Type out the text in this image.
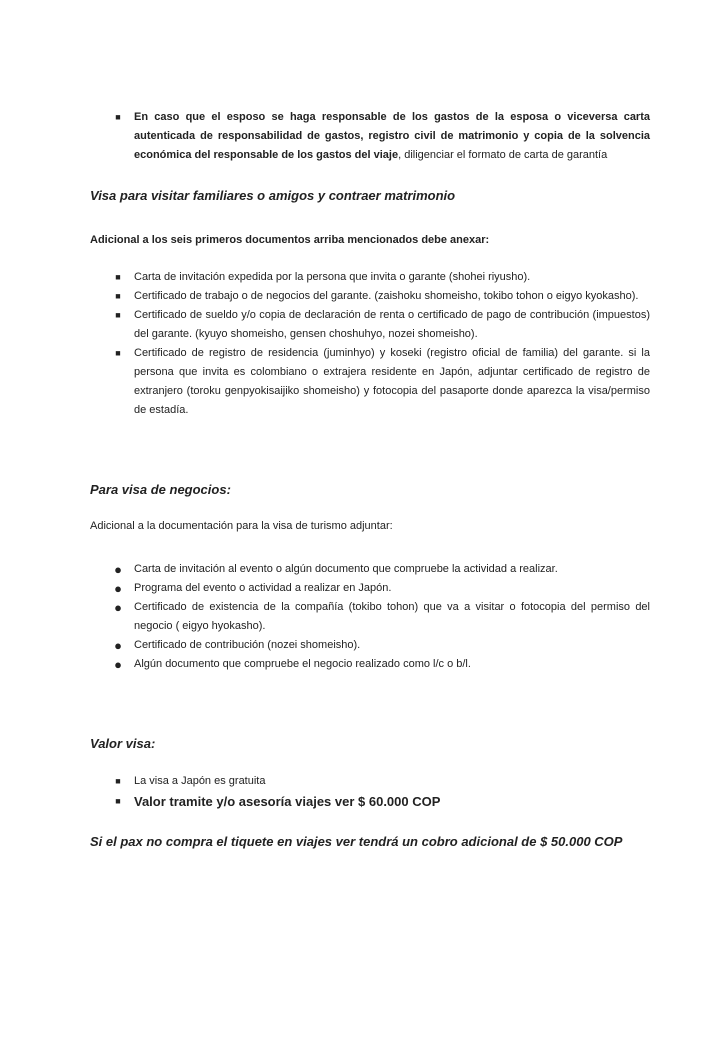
■ En caso que el esposo se haga responsable de los gastos de la esposa o viceversa carta autenticada de responsabilidad de gastos, registro civil de matrimonio y copia de la solvencia económica del responsable de los gastos del viaje, diligenciar el formato de carta de garantía
Visa para visitar familiares o amigos y contraer matrimonio

Adicional a los seis primeros documentos arriba mencionados debe anexar:

■ Carta de invitación expedida por la persona que invita o garante (shohei riyusho).
■ Certificado de trabajo o de negocios del garante. (zaishoku shomeisho, tokibo tohon o eigyo kyokasho).
■ Certificado de sueldo y/o copia de declaración de renta o certificado de pago de contribución (impuestos) del garante. (kyuyo shomeisho, gensen choshuhyo, nozei shomeisho).
■ Certificado de registro de residencia (juminhyo) y koseki (registro oficial de familia) del garante. si la persona que invita es colombiano o extrajera residente en Japón, adjuntar certificado de registro de extranjero (toroku genpyokisaijiko shomeisho) y fotocopia del pasaporte donde aparezca la visa/permiso de estadía.
Para visa de negocios:

Adicional a la documentación para la visa de turismo adjuntar:

● Carta de invitación al evento o algún documento que compruebe la actividad a realizar.
● Programa del evento o actividad a realizar en Japón.
● Certificado de existencia de la compañía (tokibo tohon) que va a visitar o fotocopia del permiso del negocio ( eigyo hyokasho).
● Certificado de contribución (nozei shomeisho).
● Algún documento que compruebe el negocio realizado como l/c o b/l.
Valor visa:
■ La visa a Japón es gratuita
■ Valor tramite y/o asesoría viajes ver $ 60.000 COP

Si el pax no compra el tiquete en viajes ver tendrá un cobro adicional de $ 50.000 COP
